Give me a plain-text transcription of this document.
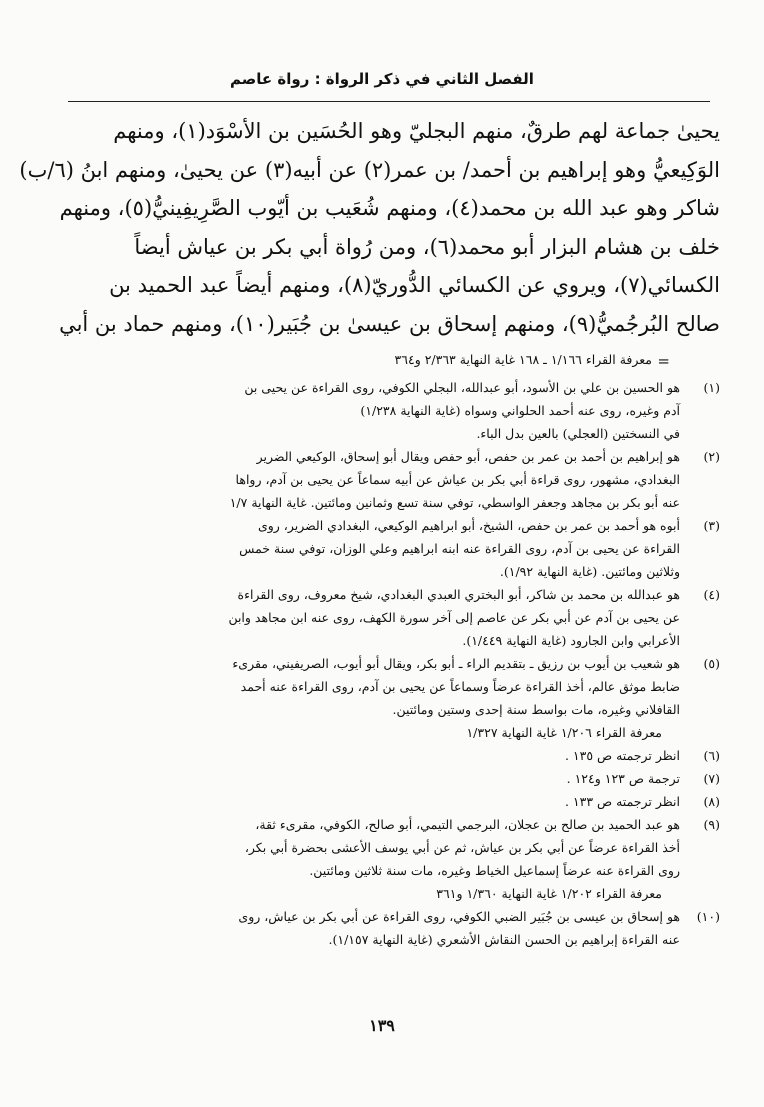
الفصل الثاني في ذكر الرواة : رواة عاصم
يحيىٰ جماعة لهم طرقٌ، منهم البجليّ وهو الحُسَين بن الأسْوَد(١)، ومنهم
الوَكِيعيُّ وهو إبراهيم بن أحمد/ بن عمر(٢) عن أبيه(٣) عن يحيىٰ، ومنهم ابنُ (٦/ب)
شاكر وهو عبد الله بن محمد(٤)، ومنهم شُعَيب بن أيّوب الصَّرِيفِينيُّ(٥)، ومنهم
خلف بن هشام البزار أبو محمد(٦)، ومن رُواة أبي بكر بن عياش أيضاً
الكسائي(٧)، ويروي عن الكسائي الدُّوريّ(٨)، ومنهم أيضاً عبد الحميد بن
صالح البُرجُميُّ(٩)، ومنهم إسحاق بن عيسىٰ بن جُبَير(١٠)، ومنهم حماد بن أبي
=
معرفة القراء ١/١٦٦ ـ ١٦٨ غاية النهاية ٢/٣٦٣ و٣٦٤
(١)
هو الحسين بن علي بن الأسود، أبو عبدالله، البجلي الكوفي، روى القراءة عن يحيى بن
آدم وغيره، روى عنه أحمد الحلواني وسواه (غاية النهاية ١/٢٣٨)
في النسختين (العجلي) بالعين بدل الباء.
(٢)
هو إبراهيم بن أحمد بن عمر بن حفص، أبو حفص ويقال أبو إسحاق، الوكيعي الضرير
البغدادي، مشهور، روى قراءة أبي بكر بن عياش عن أبيه سماعاً عن يحيى بن آدم، رواها
عنه أبو بكر بن مجاهد وجعفر الواسطي، توفي سنة تسع وثمانين ومائتين. غاية النهاية ١/٧
(٣)
أبوه هو أحمد بن عمر بن حفص، الشيخ، أبو ابراهيم الوكيعي، البغدادي الضرير، روى
القراءة عن يحيى بن آدم، روى القراءة عنه ابنه ابراهيم وعلي الوزان، توفي سنة خمس
وثلاثين ومائتين. (غاية النهاية ١/٩٢).
(٤)
هو عبدالله بن محمد بن شاكر، أبو البختري العبدي البغدادي، شيخ معروف، روى القراءة
عن يحيى بن آدم عن أبي بكر عن عاصم إلى آخر سورة الكهف، روى عنه ابن مجاهد وابن
الأعرابي وابن الجارود (غاية النهاية ١/٤٤٩).
(٥)
هو شعيب بن أيوب بن رزيق ـ بتقديم الراء ـ أبو بكر، ويقال أبو أيوب، الصريفيني، مقرىء
ضابط موثق عالم، أخذ القراءة عرضاً وسماعاً عن يحيى بن آدم، روى القراءة عنه أحمد
القافلاني وغيره، مات بواسط سنة إحدى وستين ومائتين.
معرفة القراء ١/٢٠٦ غاية النهاية ١/٣٢٧
(٦)
انظر ترجمته ص ١٣٥ .
(٧)
ترجمة ص ١٢٣ و١٢٤ .
(٨)
انظر ترجمته ص ١٣٣ .
(٩)
هو عبد الحميد بن صالح بن عجلان، البرجمي التيمي، أبو صالح، الكوفي، مقرىء ثقة،
أخذ القراءة عرضاً عن أبي بكر بن عياش، ثم عن أبي يوسف الأعشى بحضرة أبي بكر،
روى القراءة عنه عرضاً إسماعيل الخياط وغيره، مات سنة ثلاثين ومائتين.
معرفة القراء ١/٢٠٢ غاية النهاية ١/٣٦٠ و٣٦١
(١٠)
هو إسحاق بن عيسى بن جُبَير الضبي الكوفي، روى القراءة عن أبي بكر بن عياش، روى
عنه القراءة إبراهيم بن الحسن النقاش الأشعري (غاية النهاية ١/١٥٧).
١٣٩
